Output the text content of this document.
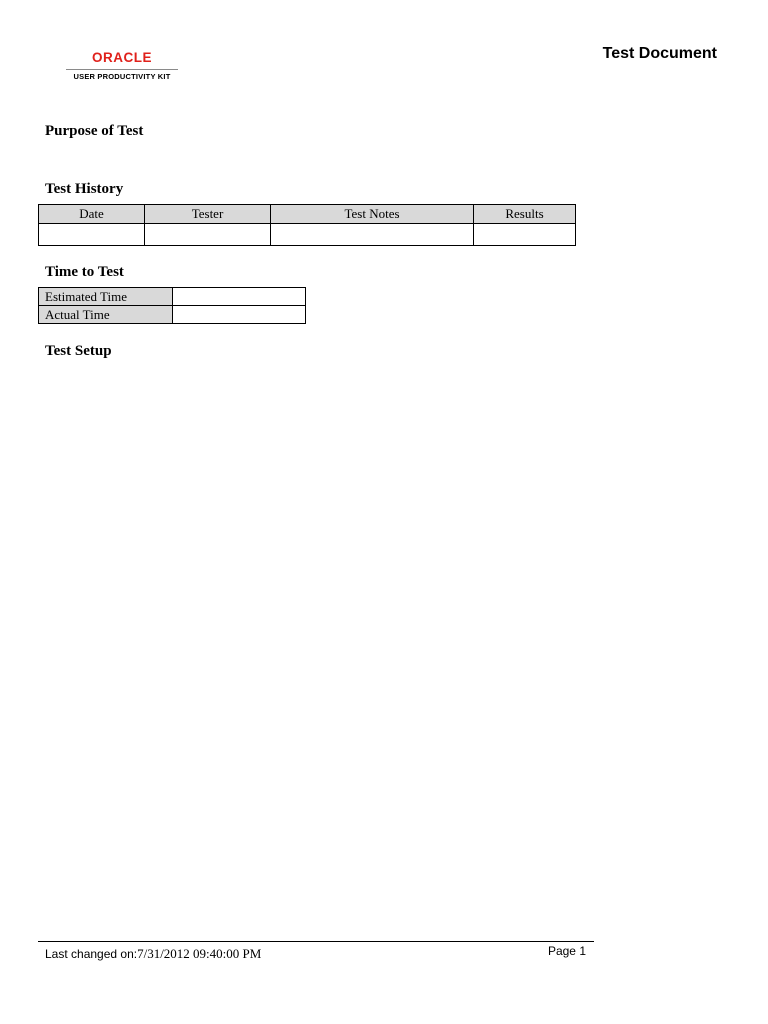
ORACLE
USER PRODUCTIVITY KIT
Test Document
Purpose of Test
Test History
Date	Tester	Test Notes	Results

Time to Test
Estimated Time	
Actual Time	
Test Setup
Last changed on:7/31/2012 09:40:00 PM	Page 1
